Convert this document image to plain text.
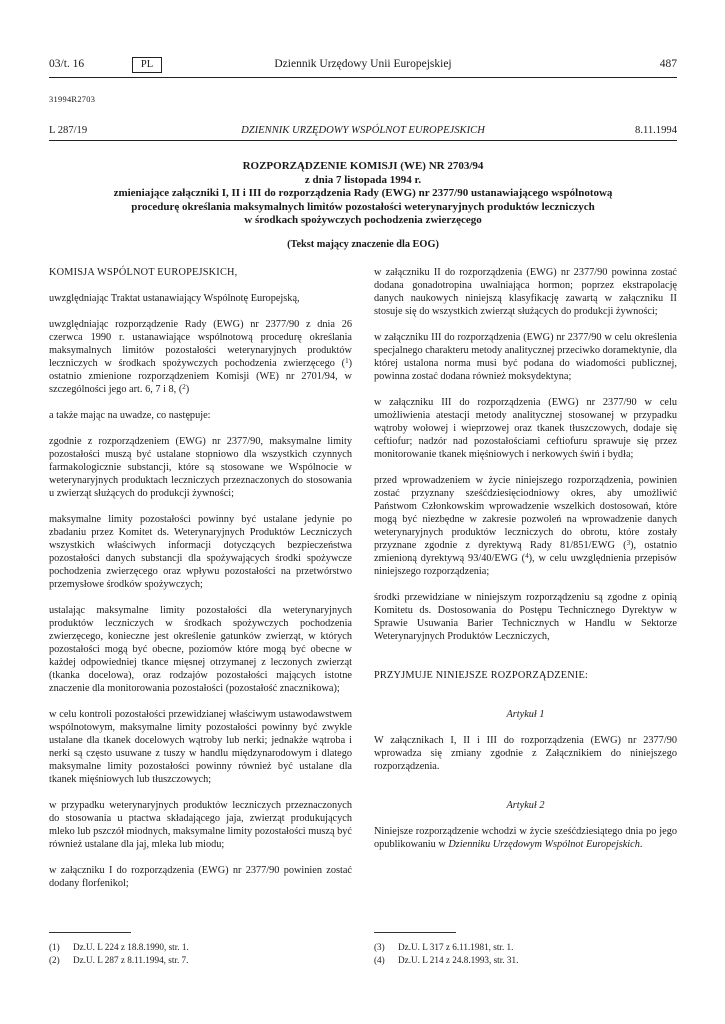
03/t. 16	PL	Dziennik Urzędowy Unii Europejskiej	487
31994R2703
L 287/19	DZIENNIK URZĘDOWY WSPÓLNOT EUROPEJSKICH	8.11.1994
ROZPORZĄDZENIE KOMISJI (WE) NR 2703/94
z dnia 7 listopada 1994 r.
zmieniające załączniki I, II i III do rozporządzenia Rady (EWG) nr 2377/90 ustanawiającego wspólnotową
procedurę określania maksymalnych limitów pozostałości weterynaryjnych produktów leczniczych
w środkach spożywczych pochodzenia zwierzęcego
(Tekst mający znaczenie dla EOG)

KOMISJA WSPÓLNOT EUROPEJSKICH,

uwzględniając Traktat ustanawiający Wspólnotę Europejską,

uwzględniając rozporządzenie Rady (EWG) nr 2377/90 z dnia 26 czerwca 1990 r. ustanawiające wspólnotową procedurę określania maksymalnych limitów pozostałości weterynaryjnych produktów leczniczych w środkach spożywczych pochodzenia zwierzęcego ($^1$) ostatnio zmienione rozporządzeniem Komisji (WE) nr 2701/94, w szczególności jego art. 6, 7 i 8, ($^2$)

a także mając na uwadze, co następuje:

zgodnie z rozporządzeniem (EWG) nr 2377/90, maksymalne limity pozostałości muszą być ustalane stopniowo dla wszystkich czynnych farmakologicznie substancji, które są stosowane we Wspólnocie w weterynaryjnych produktach leczniczych przeznaczonych do stosowania u zwierząt służących do produkcji żywności;

maksymalne limity pozostałości powinny być ustalane jedynie po zbadaniu przez Komitet ds. Weterynaryjnych Produktów Leczniczych wszystkich właściwych informacji dotyczących bezpieczeństwa pozostałości danych substancji dla spożywających środki spożywcze pochodzenia zwierzęcego oraz wpływu pozostałości na przetwórstwo przemysłowe środków spożywczych;

ustalając maksymalne limity pozostałości dla weterynaryjnych produktów leczniczych w środkach spożywczych pochodzenia zwierzęcego, konieczne jest określenie gatunków zwierząt, w których pozostałości mogą być obecne, poziomów które mogą być obecne w każdej odpowiedniej tkance mięsnej otrzymanej z leczonych zwierząt (tkanka docelowa), oraz rodzajów pozostałości mających istotne znaczenie dla monitorowania pozostałości (pozostałość znacznikowa);

w celu kontroli pozostałości przewidzianej właściwym ustawodawstwem wspólnotowym, maksymalne limity pozostałości powinny być zwykle ustalane dla tkanek docelowych wątroby lub nerki; jednakże wątroba i nerki są często usuwane z tuszy w handlu międzynarodowym i dlatego maksymalne limity pozostałości powinny również być ustalane dla tkanek mięśniowych lub tłuszczowych;

w przypadku weterynaryjnych produktów leczniczych przeznaczonych do stosowania u ptactwa składającego jaja, zwierząt produkujących mleko lub pszczół miodnych, maksymalne limity pozostałości muszą być również ustalane dla jaj, mleka lub miodu;

w załączniku I do rozporządzenia (EWG) nr 2377/90 powinien zostać dodany florfenikol;

w załączniku II do rozporządzenia (EWG) nr 2377/90 powinna zostać dodana gonadotropina uwalniająca hormon; poprzez ekstrapolację danych naukowych niniejszą klasyfikację zawartą w załączniku II stosuje się do wszystkich zwierząt służących do produkcji żywności;

w załączniku III do rozporządzenia (EWG) nr 2377/90 w celu określenia specjalnego charakteru metody analitycznej przeciwko doramektynie, dla której ustalona norma musi być podana do wiadomości publicznej, powinna zostać dodana również moksydektyna;

w załączniku III do rozporządzenia (EWG) nr 2377/90 w celu umożliwienia atestacji metody analitycznej stosowanej w przypadku wątroby wołowej i wieprzowej oraz tkanek tłuszczowych, dodaje się ceftiofur; nadzór nad pozostałościami ceftiofuru sprawuje się przez monitorowanie tkanek mięśniowych i nerkowych świń i bydła;

przed wprowadzeniem w życie niniejszego rozporządzenia, powinien zostać przyznany sześćdziesięciodniowy okres, aby umożliwić Państwom Członkowskim wprowadzenie wszelkich dostosowań, które mogą być niezbędne w zakresie pozwoleń na wprowadzenie danych weterynaryjnych produktów leczniczych do obrotu, które zostały przyznane zgodnie z dyrektywą Rady 81/851/EWG ($^3$), ostatnio zmienioną dyrektywą 93/40/EWG ($^4$), w celu uwzględnienia przepisów niniejszego rozporządzenia;

środki przewidziane w niniejszym rozporządzeniu są zgodne z opinią Komitetu ds. Dostosowania do Postępu Technicznego Dyrektyw w Sprawie Usuwania Barier Technicznych w Handlu w Sektorze Weterynaryjnych Produktów Leczniczych,

PRZYJMUJE NINIEJSZE ROZPORZĄDZENIE:

Artykuł 1

W załącznikach I, II i III do rozporządzenia (EWG) nr 2377/90 wprowadza się zmiany zgodnie z Załącznikiem do niniejszego rozporządzenia.

Artykuł 2

Niniejsze rozporządzenie wchodzi w życie sześćdziesiątego dnia po jego opublikowaniu w Dzienniku Urzędowym Wspólnot Europejskich.

(1) Dz.U. L 224 z 18.8.1990, str. 1.
(2) Dz.U. L 287 z 8.11.1994, str. 7.
(3) Dz.U. L 317 z 6.11.1981, str. 1.
(4) Dz.U. L 214 z 24.8.1993, str. 31.
